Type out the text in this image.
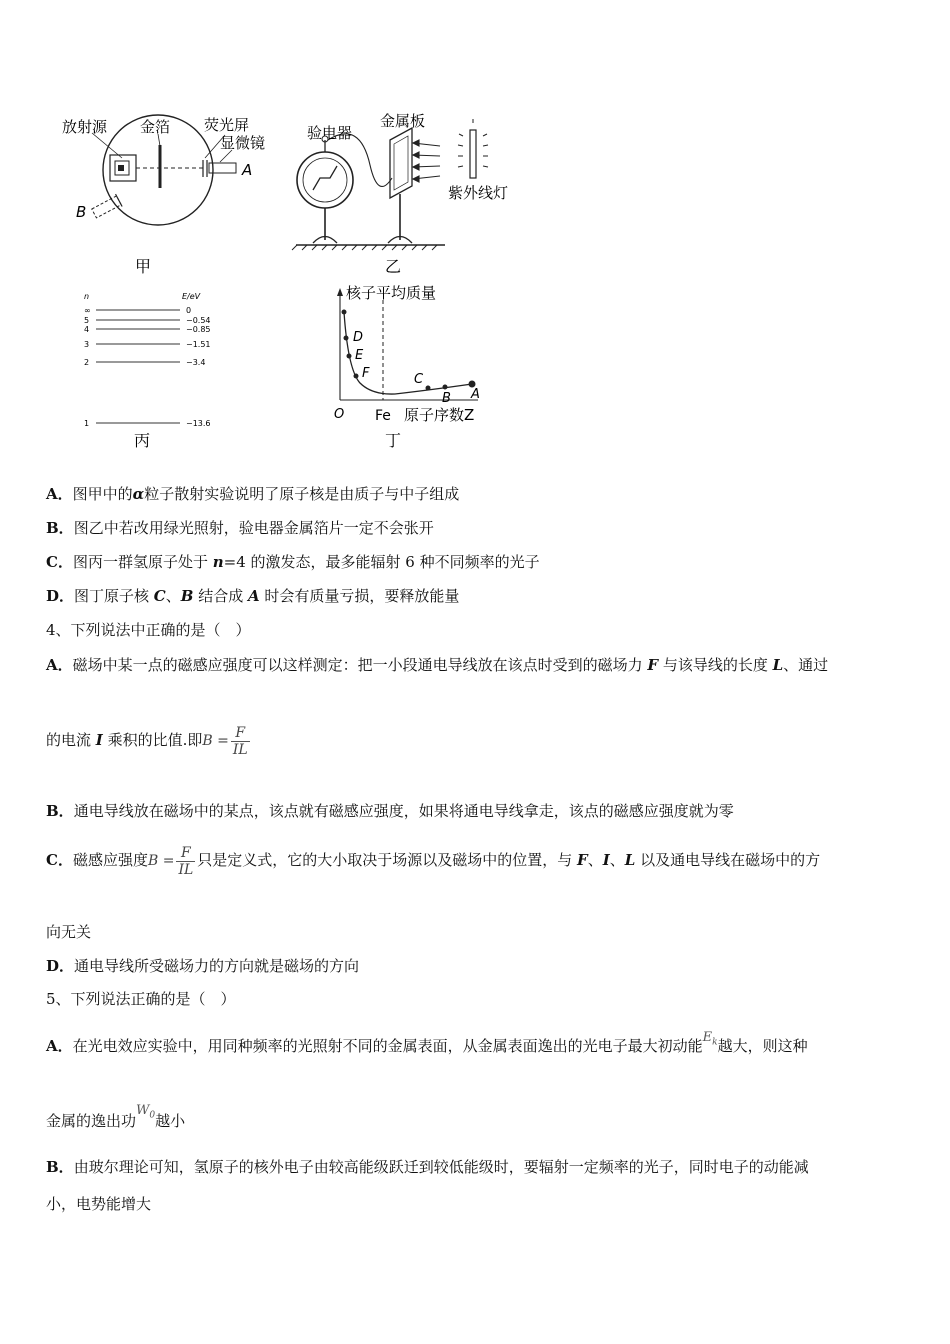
放射源 金箔 荧光屏
显微镜
A
B
甲
验电器
金属板
紫外线灯
乙
n	E/eV
丙
∞	0
5	−0.54
4	−0.85
3	−1.51
2	−3.4
1	−13.6
核子平均质量
D
E
F	C
B A
O Fe 原子序数Z
丁
A．图甲中的α粒子散射实验说明了原子核是由质子与中子组成
B．图乙中若改用绿光照射，验电器金属箔片一定不会张开
C．图丙一群氢原子处于 n=4 的激发态，最多能辐射 6 种不同频率的光子
D．图丁原子核 C、B 结合成 A 时会有质量亏损，要释放能量
4、下列说法中正确的是（　）
A．磁场中某一点的磁感应强度可以这样测定：把一小段通电导线放在该点时受到的磁场力 F 与该导线的长度 L、通过
的电流 I 乘积的比值.即$B = \frac{F}{IL}$
B．通电导线放在磁场中的某点，该点就有磁感应强度，如果将通电导线拿走，该点的磁感应强度就为零
C．磁感应强度$B = \frac{F}{IL}$ 只是定义式，它的大小取决于场源以及磁场中的位置，与 F、I、L 以及通电导线在磁场中的方
向无关
D．通电导线所受磁场力的方向就是磁场的方向
5、下列说法正确的是（　）
A．在光电效应实验中，用同种频率的光照射不同的金属表面，从金属表面逸出的光电子最大初动能$E_k$越大，则这种
金属的逸出功$W_0$越小
B．由玻尔理论可知，氢原子的核外电子由较高能级跃迁到较低能级时，要辐射一定频率的光子，同时电子的动能减
小，电势能增大
